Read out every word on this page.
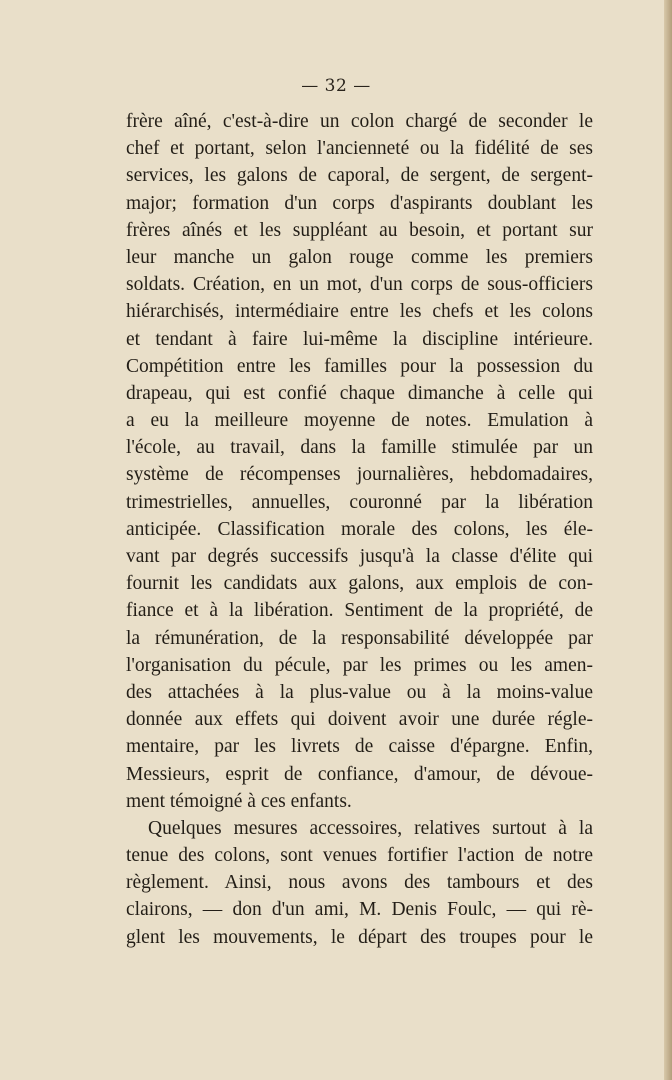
— 32 —
frère aîné, c'est-à-dire un colon chargé de seconder le
chef et portant, selon l'ancienneté ou la fidélité de ses
services, les galons de caporal, de sergent, de sergent-
major; formation d'un corps d'aspirants doublant les
frères aînés et les suppléant au besoin, et portant sur
leur manche un galon rouge comme les premiers
soldats. Création, en un mot, d'un corps de sous-officiers
hiérarchisés, intermédiaire entre les chefs et les colons
et tendant à faire lui-même la discipline intérieure.
Compétition entre les familles pour la possession du
drapeau, qui est confié chaque dimanche à celle qui
a eu la meilleure moyenne de notes. Emulation à
l'école, au travail, dans la famille stimulée par un
système de récompenses journalières, hebdomadaires,
trimestrielles, annuelles, couronné par la libération
anticipée. Classification morale des colons, les éle-
vant par degrés successifs jusqu'à la classe d'élite qui
fournit les candidats aux galons, aux emplois de con-
fiance et à la libération. Sentiment de la propriété, de
la rémunération, de la responsabilité développée par
l'organisation du pécule, par les primes ou les amen-
des attachées à la plus-value ou à la moins-value
donnée aux effets qui doivent avoir une durée régle-
mentaire, par les livrets de caisse d'épargne. Enfin,
Messieurs, esprit de confiance, d'amour, de dévoue-
ment témoigné à ces enfants.
Quelques mesures accessoires, relatives surtout à la
tenue des colons, sont venues fortifier l'action de notre
règlement. Ainsi, nous avons des tambours et des
clairons, — don d'un ami, M. Denis Foulc, — qui rè-
glent les mouvements, le départ des troupes pour le
